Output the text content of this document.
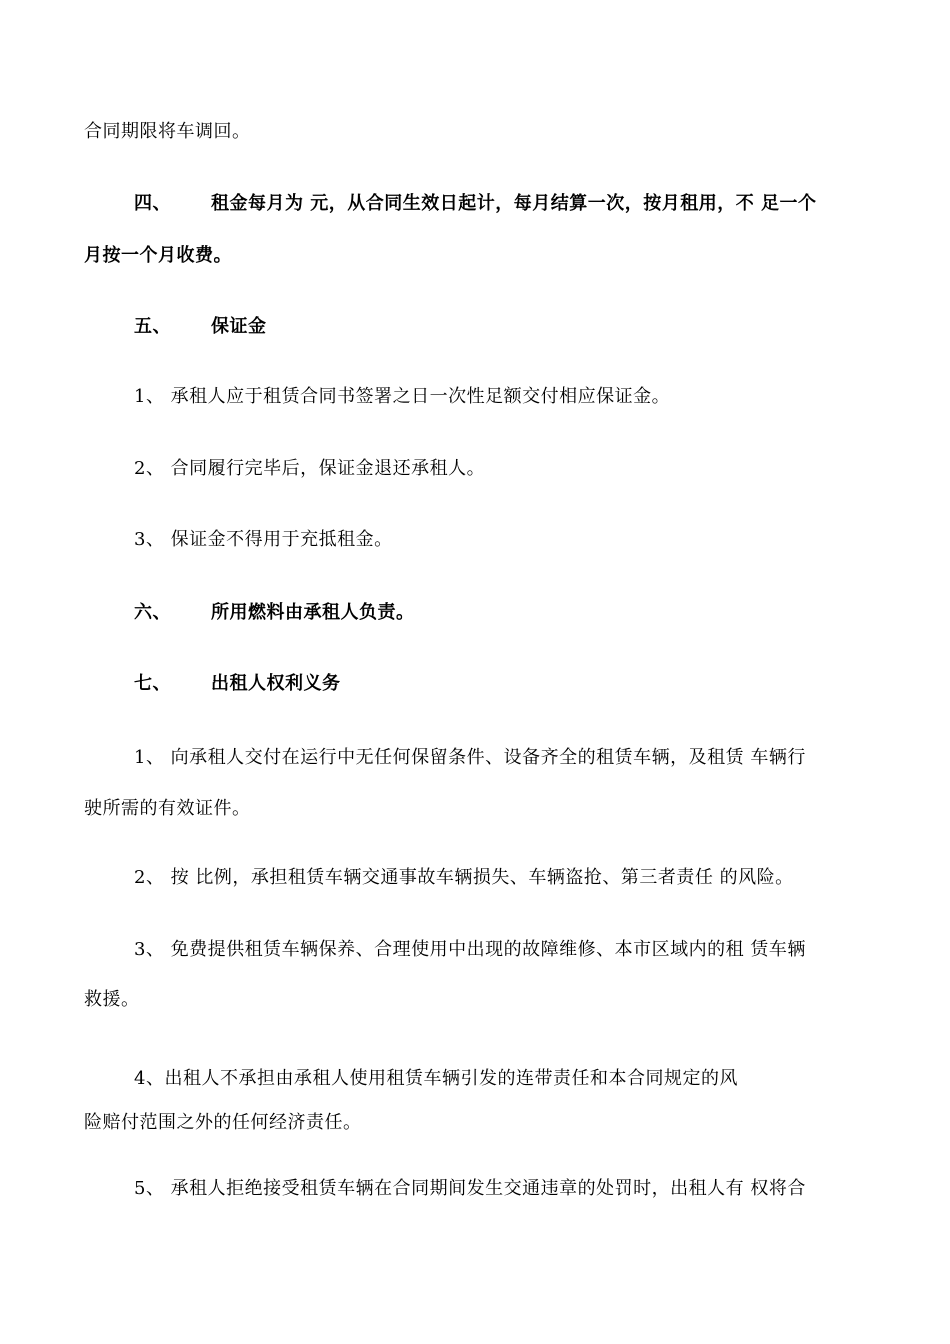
合同期限将车调回。
四、 租金每月为 元，从合同生效日起计，每月结算一次，按月租用，不 足一个
月按一个月收费。
五、 保证金
1、 承租人应于租赁合同书签署之日一次性足额交付相应保证金。
2、 合同履行完毕后，保证金退还承租人。
3、 保证金不得用于充抵租金。
六、 所用燃料由承租人负责。
七、 出租人权利义务
1、 向承租人交付在运行中无任何保留条件、设备齐全的租赁车辆，及租赁 车辆行
驶所需的有效证件。
2、 按 比例，承担租赁车辆交通事故车辆损失、车辆盗抢、第三者责任 的风险。
3、 免费提供租赁车辆保养、合理使用中出现的故障维修、本市区域内的租 赁车辆
救援。
4、出租人不承担由承租人使用租赁车辆引发的连带责任和本合同规定的风
险赔付范围之外的任何经济责任。
5、 承租人拒绝接受租赁车辆在合同期间发生交通违章的处罚时，出租人有 权将合
